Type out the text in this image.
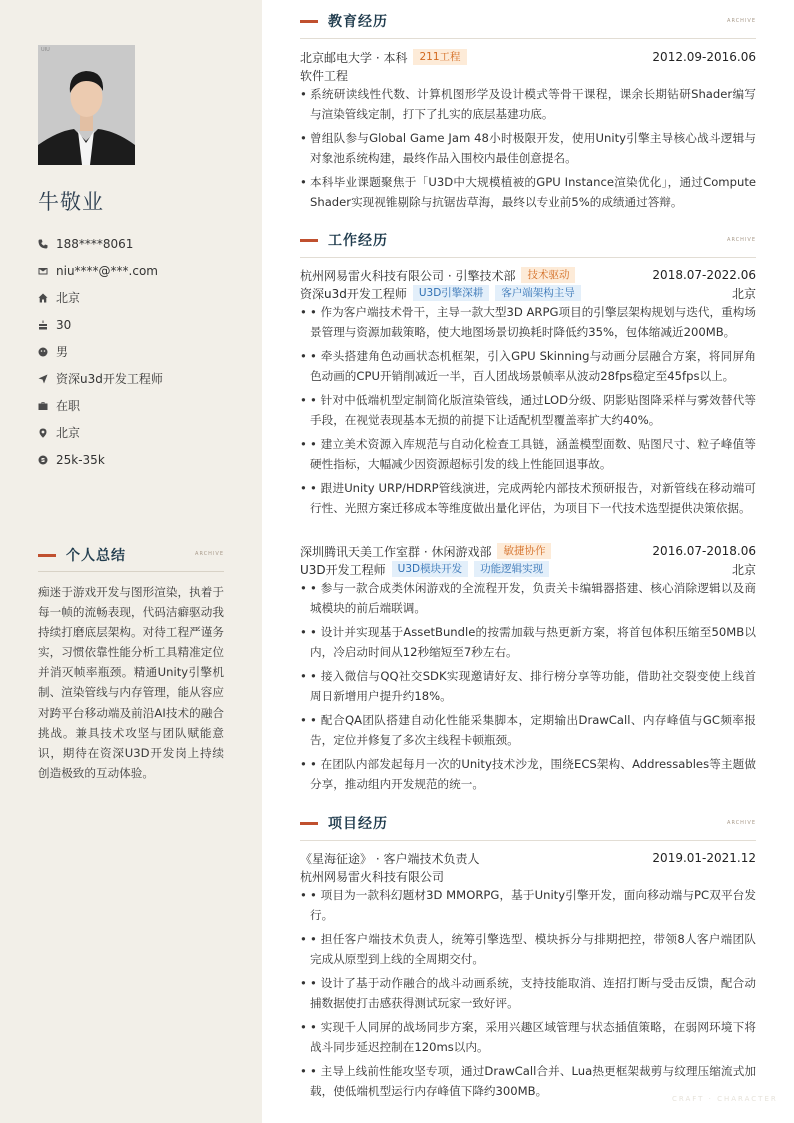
UIU
牛敬业
188****8061
niu****@***.com
北京
30
男
资深u3d开发工程师
在职
北京
25k-35k
个人总结	ARCHIVE
痴迷于游戏开发与图形渲染，执着于每一帧的流畅表现，代码洁癖驱动我持续打磨底层架构。对待工程严谨务实，习惯依靠性能分析工具精准定位并消灭帧率瓶颈。精通Unity引擎机制、渲染管线与内存管理，能从容应对跨平台移动端及前沿AI技术的融合挑战。兼具技术攻坚与团队赋能意识，期待在资深U3D开发岗上持续创造极致的互动体验。
教育经历	ARCHIVE
北京邮电大学 · 本科	211工程	2012.09-2016.06
软件工程
• 系统研读线性代数、计算机图形学及设计模式等骨干课程，课余长期钻研Shader编写与渲染管线定制，打下了扎实的底层基建功底。
• 曾组队参与Global Game Jam 48小时极限开发，使用Unity引擎主导核心战斗逻辑与对象池系统构建，最终作品入围校内最佳创意提名。
• 本科毕业课题聚焦于「U3D中大规模植被的GPU Instance渲染优化」，通过Compute Shader实现视锥剔除与抗锯齿草海，最终以专业前5%的成绩通过答辩。
工作经历	ARCHIVE
杭州网易雷火科技有限公司 · 引擎技术部	技术驱动	2018.07-2022.06
资深u3d开发工程师	U3D引擎深耕	客户端架构主导	北京
• • 作为客户端技术骨干，主导一款大型3D ARPG项目的引擎层架构规划与迭代，重构场景管理与资源加载策略，使大地图场景切换耗时降低约35%，包体缩减近200MB。
• • 牵头搭建角色动画状态机框架，引入GPU Skinning与动画分层融合方案，将同屏角色动画的CPU开销削减近一半，百人团战场景帧率从波动28fps稳定至45fps以上。
• • 针对中低端机型定制简化版渲染管线，通过LOD分级、阴影贴图降采样与雾效替代等手段，在视觉表现基本无损的前提下让适配机型覆盖率扩大约40%。
• • 建立美术资源入库规范与自动化检查工具链，涵盖模型面数、贴图尺寸、粒子峰值等硬性指标，大幅减少因资源超标引发的线上性能回退事故。
• • 跟进Unity URP/HDRP管线演进，完成两轮内部技术预研报告，对新管线在移动端可行性、光照方案迁移成本等维度做出量化评估，为项目下一代技术选型提供决策依据。
深圳腾讯天美工作室群 · 休闲游戏部	敏捷协作	2016.07-2018.06
U3D开发工程师	U3D模块开发	功能逻辑实现	北京
• • 参与一款合成类休闲游戏的全流程开发，负责关卡编辑器搭建、核心消除逻辑以及商城模块的前后端联调。
• • 设计并实现基于AssetBundle的按需加载与热更新方案，将首包体积压缩至50MB以内，冷启动时间从12秒缩短至7秒左右。
• • 接入微信与QQ社交SDK实现邀请好友、排行榜分享等功能，借助社交裂变使上线首周日新增用户提升约18%。
• • 配合QA团队搭建自动化性能采集脚本，定期输出DrawCall、内存峰值与GC频率报告，定位并修复了多次主线程卡顿瓶颈。
• • 在团队内部发起每月一次的Unity技术沙龙，围绕ECS架构、Addressables等主题做分享，推动组内开发规范的统一。
项目经历	ARCHIVE
《星海征途》 · 客户端技术负责人	2019.01-2021.12
杭州网易雷火科技有限公司
• • 项目为一款科幻题材3D MMORPG，基于Unity引擎开发，面向移动端与PC双平台发行。
• • 担任客户端技术负责人，统筹引擎选型、模块拆分与排期把控，带领8人客户端团队完成从原型到上线的全周期交付。
• • 设计了基于动作融合的战斗动画系统，支持技能取消、连招打断与受击反馈，配合动捕数据使打击感获得测试玩家一致好评。
• • 实现千人同屏的战场同步方案，采用兴趣区域管理与状态插值策略，在弱网环境下将战斗同步延迟控制在120ms以内。
• • 主导上线前性能攻坚专项，通过DrawCall合并、Lua热更框架裁剪与纹理压缩流式加载，使低端机型运行内存峰值下降约300MB。
CRAFT · CHARACTER
